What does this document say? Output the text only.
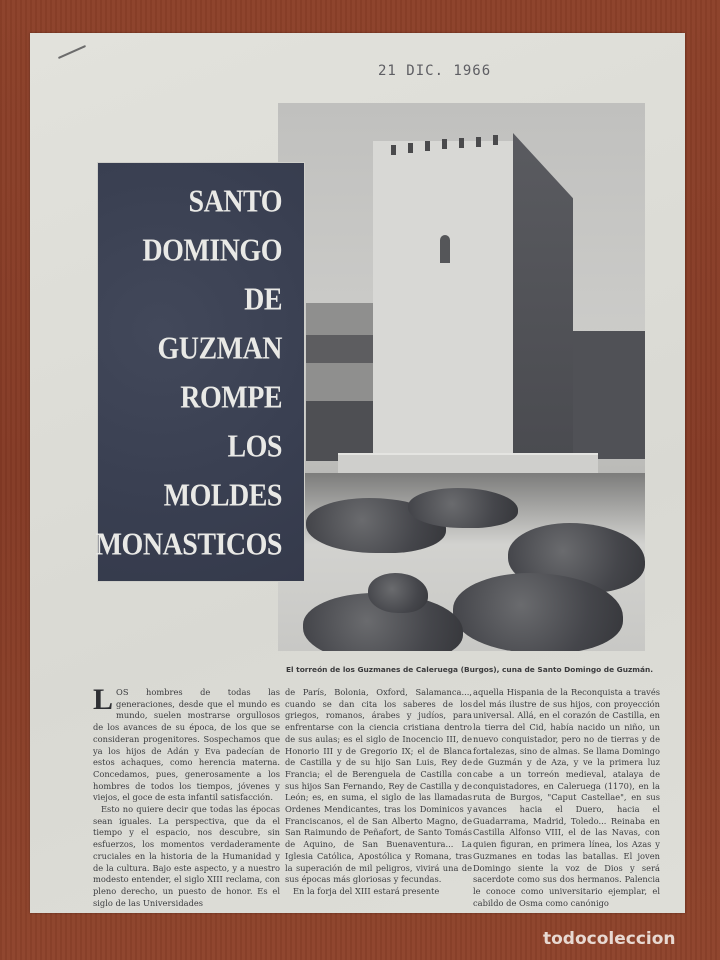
21 DIC. 1966
SANTO
DOMINGO
DE
GUZMAN
ROMPE
LOS
MOLDES
MONASTICOS
El torreón de los Guzmanes de Caleruega (Burgos), cuna de Santo Domingo de Guzmán.
L OS hombres de todas las generaciones, desde que el mundo es mundo, suelen mostrarse orgullosos de los avances de su época, de los que se consideran progenitores. Sospechamos que ya los hijos de Adán y Eva padecían de estos achaques, como herencia materna. Concedamos, pues, generosamente a los hombres de todos los tiempos, jóvenes y viejos, el goce de esta infantil satisfacción.

Esto no quiere decir que todas las épocas sean iguales. La perspectiva, que da el tiempo y el espacio, nos descubre, sin esfuerzos, los momentos verdaderamente cruciales en la historia de la Humanidad y de la cultura. Bajo este aspecto, y a nuestro modesto entender, el siglo XIII reclama, con pleno derecho, un puesto de honor. Es el siglo de las Universidades

de París, Bolonia, Oxford, Salamanca..., cuando se dan cita los saberes de los griegos, romanos, árabes y judíos, para enfrentarse con la ciencia cristiana dentro de sus aulas; es el siglo de Inocencio III, de Honorio III y de Gregorio IX; el de Blanca de Castilla y de su hijo San Luis, Rey de Francia; el de Berenguela de Castilla con sus hijos San Fernando, Rey de Castilla y de León; es, en suma, el siglo de las llamadas Ordenes Mendicantes, tras los Dominicos y Franciscanos, el de San Alberto Magno, de San Raimundo de Peñafort, de Santo Tomás de Aquino, de San Buenaventura... La Iglesia Católica, Apostólica y Romana, tras la superación de mil peligros, vivirá una de sus épocas más gloriosas y fecundas.

En la forja del XIII estará presente

aquella Hispania de la Reconquista a través del más ilustre de sus hijos, con proyección universal. Allá, en el corazón de Castilla, en la tierra del Cid, había nacido un niño, un nuevo conquistador, pero no de tierras y de fortalezas, sino de almas. Se llama Domingo de Guzmán y de Aza, y ve la primera luz cabe a un torreón medieval, atalaya de conquistadores, en Caleruega (1170), en la ruta de Burgos, "Caput Castellae", en sus avances hacia el Duero, hacia el Guadarrama, Madrid, Toledo... Reinaba en Castilla Alfonso VIII, el de las Navas, con quien figuran, en primera línea, los Azas y Guzmanes en todas las batallas. El joven Domingo siente la voz de Dios y será sacerdote como sus dos hermanos. Palencia le conoce como universitario ejemplar, el cabildo de Osma como canónigo

todocoleccion
